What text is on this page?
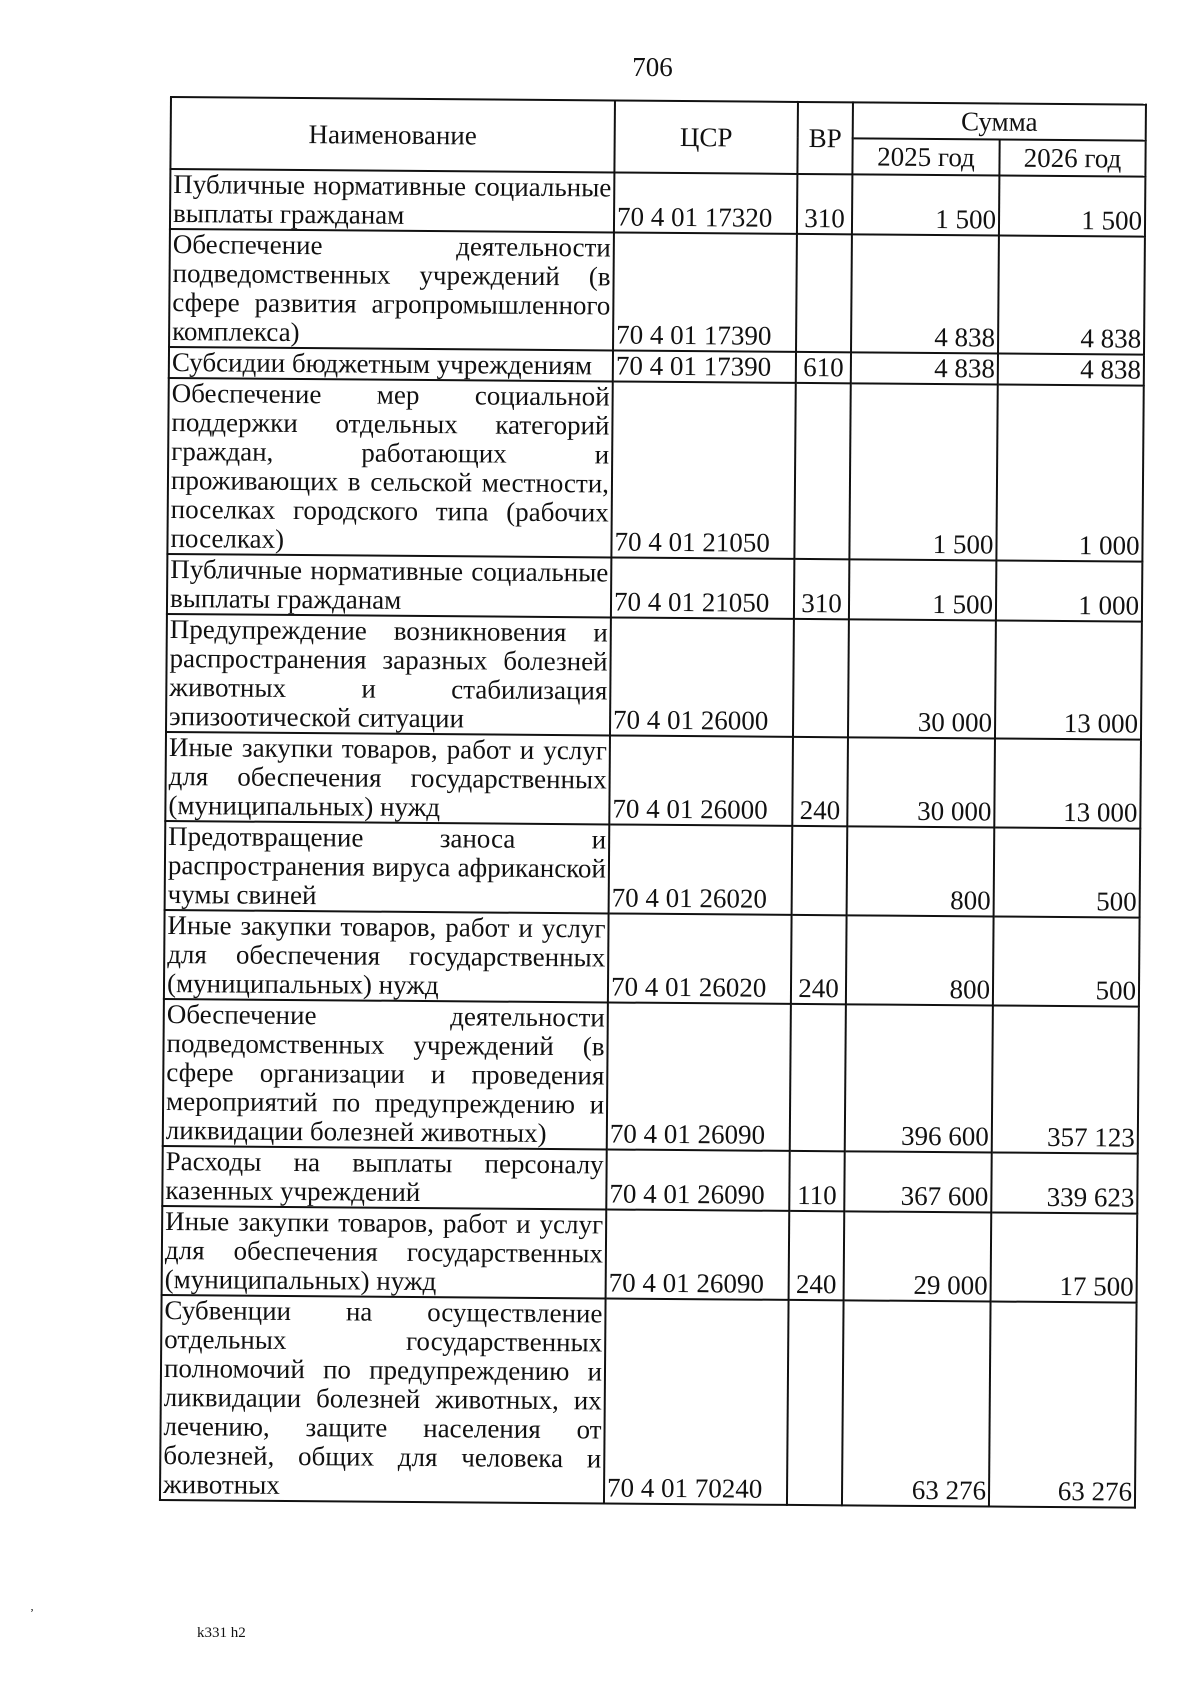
706
Наименование	ЦСР	ВР	Сумма	
			2025 год	2026 год
Публичные нормативные социальные выплаты гражданам	70 4 01 17320	310	1 500	1 500
Обеспечение деятельности подведомственных учреждений (в сфере развития агропромышленного комплекса)	70 4 01 17390		4 838	4 838
Субсидии бюджетным учреждениям	70 4 01 17390	610	4 838	4 838
Обеспечение мер социальной поддержки отдельных категорий граждан, работающих и проживающих в сельской местности, поселках городского типа (рабочих поселках)	70 4 01 21050		1 500	1 000
Публичные нормативные социальные выплаты гражданам	70 4 01 21050	310	1 500	1 000
Предупреждение возникновения и распространения заразных болезней животных и стабилизация эпизоотической ситуации	70 4 01 26000		30 000	13 000
Иные закупки товаров, работ и услуг для обеспечения государственных (муниципальных) нужд	70 4 01 26000	240	30 000	13 000
Предотвращение заноса и распространения вируса африканской чумы свиней	70 4 01 26020		800	500
Иные закупки товаров, работ и услуг для обеспечения государственных (муниципальных) нужд	70 4 01 26020	240	800	500
Обеспечение деятельности подведомственных учреждений (в сфере организации и проведения мероприятий по предупреждению и ликвидации болезней животных)	70 4 01 26090		396 600	357 123
Расходы на выплаты персоналу казенных учреждений	70 4 01 26090	110	367 600	339 623
Иные закупки товаров, работ и услуг для обеспечения государственных (муниципальных) нужд	70 4 01 26090	240	29 000	17 500
Субвенции на осуществление отдельных государственных полномочий по предупреждению и ликвидации болезней животных, их лечению, защите населения от болезней, общих для человека и животных	70 4 01 70240		63 276	63 276
ʼ
k331 h2
